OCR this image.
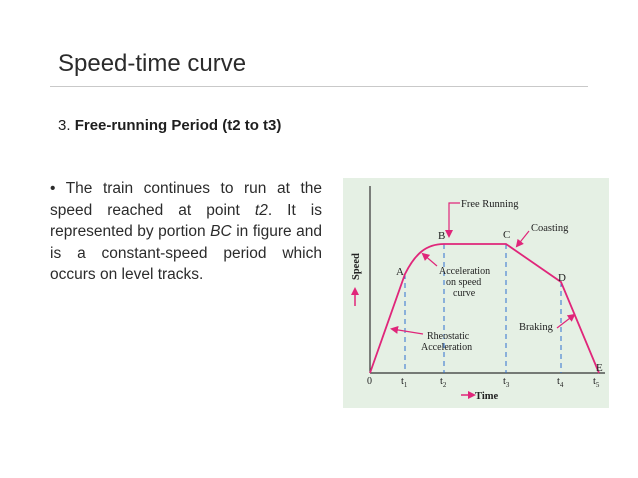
Speed-time curve
3. Free-running Period (t2 to t3)
• The train continues to run at the speed reached at point t2. It is represented by portion BC in figure and is a constant-speed period which occurs on level tracks.	A
B	C
D
E
Free Running
Coasting
Acceleration
on speed
curve
Rheostatic
Acceleration
Braking
Speed
0	$t_1$	$t_2$	$t_3$	$t_4$	$t_5$
Time
